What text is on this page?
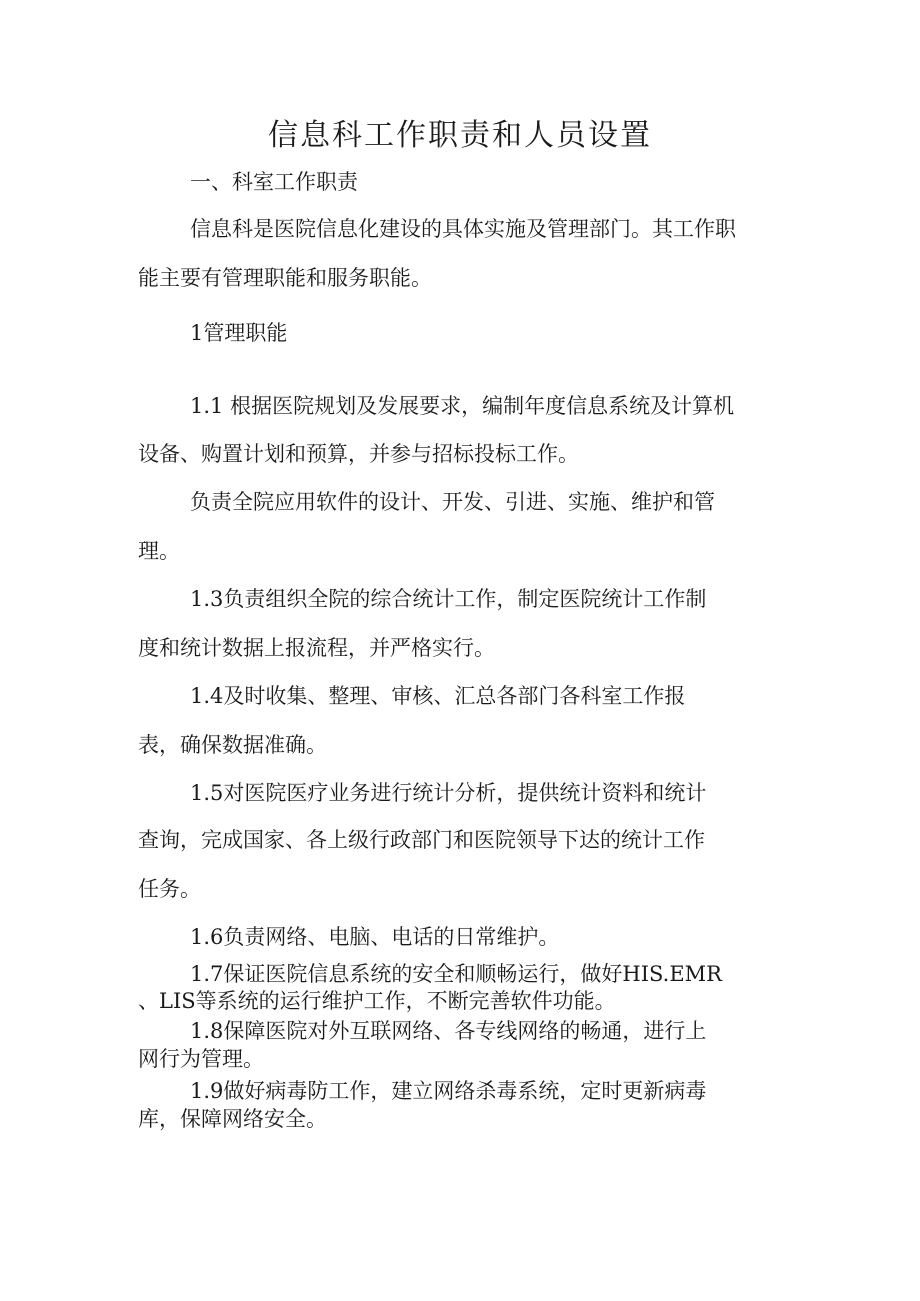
信息科工作职责和人员设置

一、科室工作职责

信息科是医院信息化建设的具体实施及管理部门。其工作职

能主要有管理职能和服务职能。

1管理职能

1.1 根据医院规划及发展要求，编制年度信息系统及计算机

设备、购置计划和预算，并参与招标投标工作。

负责全院应用软件的设计、开发、引进、实施、维护和管

理。

1.3负责组织全院的综合统计工作，制定医院统计工作制

度和统计数据上报流程，并严格实行。

1.4及时收集、整理、审核、汇总各部门各科室工作报

表，确保数据准确。

1.5对医院医疗业务进行统计分析，提供统计资料和统计

查询，完成国家、各上级行政部门和医院领导下达的统计工作

任务。

1.6负责网络、电脑、电话的日常维护。

1.7保证医院信息系统的安全和顺畅运行，做好HIS.EMR

、LIS等系统的运行维护工作，不断完善软件功能。

1.8保障医院对外互联网络、各专线网络的畅通，进行上

网行为管理。

1.9做好病毒防工作，建立网络杀毒系统，定时更新病毒

库，保障网络安全。
